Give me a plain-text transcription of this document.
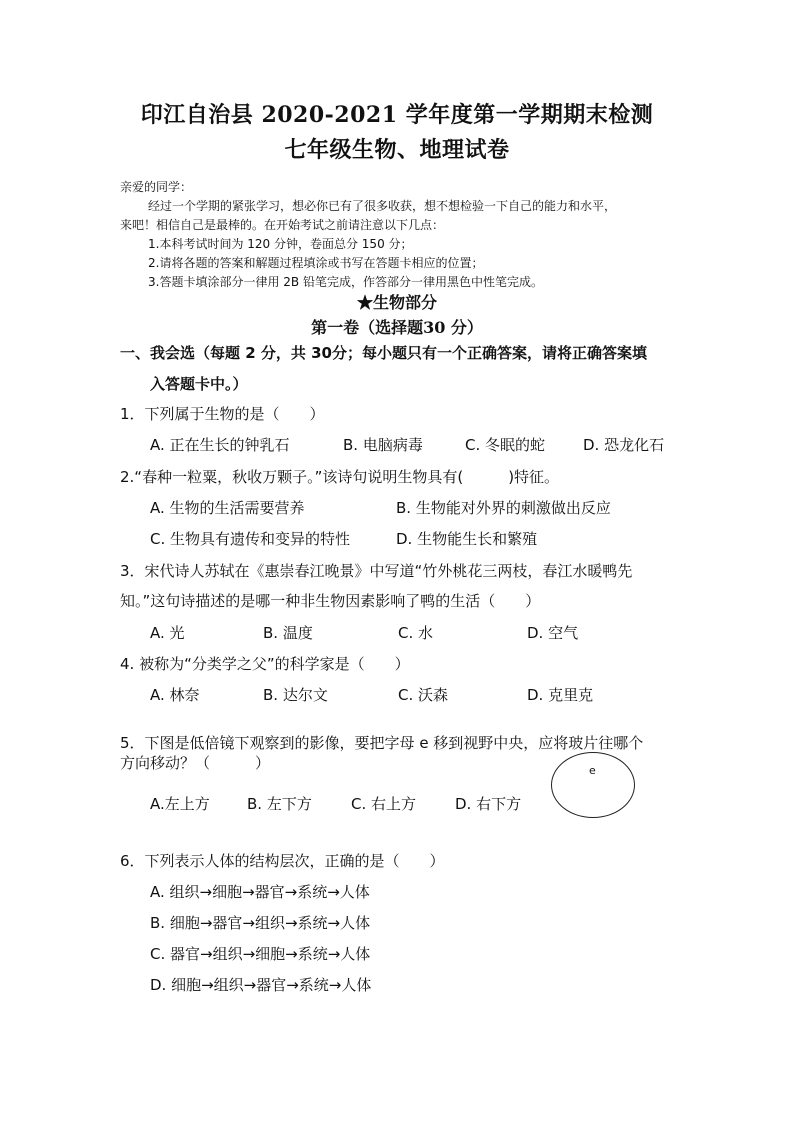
印江自治县 2020-2021 学年度第一学期期末检测
七年级生物、地理试卷
亲爱的同学：
经过一个学期的紧张学习，想必你已有了很多收获，想不想检验一下自己的能力和水平，
来吧！相信自己是最棒的。在开始考试之前请注意以下几点：
1.本科考试时间为 120 分钟，卷面总分 150 分；
2.请将各题的答案和解题过程填涂或书写在答题卡相应的位置；
3.答题卡填涂部分一律用 2B 铅笔完成，作答部分一律用黑色中性笔完成。
★生物部分
第一卷（选择题30 分）
一、我会选（每题 2 分，共 30分；每小题只有一个正确答案，请将正确答案填
入答题卡中。）
1．下列属于生物的是（　　）
A. 正在生长的钟乳石	B. 电脑病毒	C. 冬眠的蛇	D. 恐龙化石
2.“春种一粒粟，秋收万颗子。”该诗句说明生物具有(　　　)特征。
A. 生物的生活需要营养	B. 生物能对外界的刺激做出反应
C. 生物具有遗传和变异的特性	D. 生物能生长和繁殖
3．宋代诗人苏轼在《惠崇春江晚景》中写道“竹外桃花三两枝，春江水暖鸭先
知。”这句诗描述的是哪一种非生物因素影响了鸭的生活（　　）
A. 光	B. 温度	C. 水	D. 空气
4. 被称为“分类学之父”的科学家是（　　）
A. 林奈	B. 达尔文	C. 沃森	D. 克里克
5．下图是低倍镜下观察到的影像，要把字母 e 移到视野中央，应将玻片往哪个
方向移动？（　　　）	e
A.左上方 B. 左下方	C. 右上方	D. 右下方
6．下列表示人体的结构层次，正确的是（　　）
A. 组织→细胞→器官→系统→人体
B. 细胞→器官→组织→系统→人体
C. 器官→组织→细胞→系统→人体
D. 细胞→组织→器官→系统→人体
